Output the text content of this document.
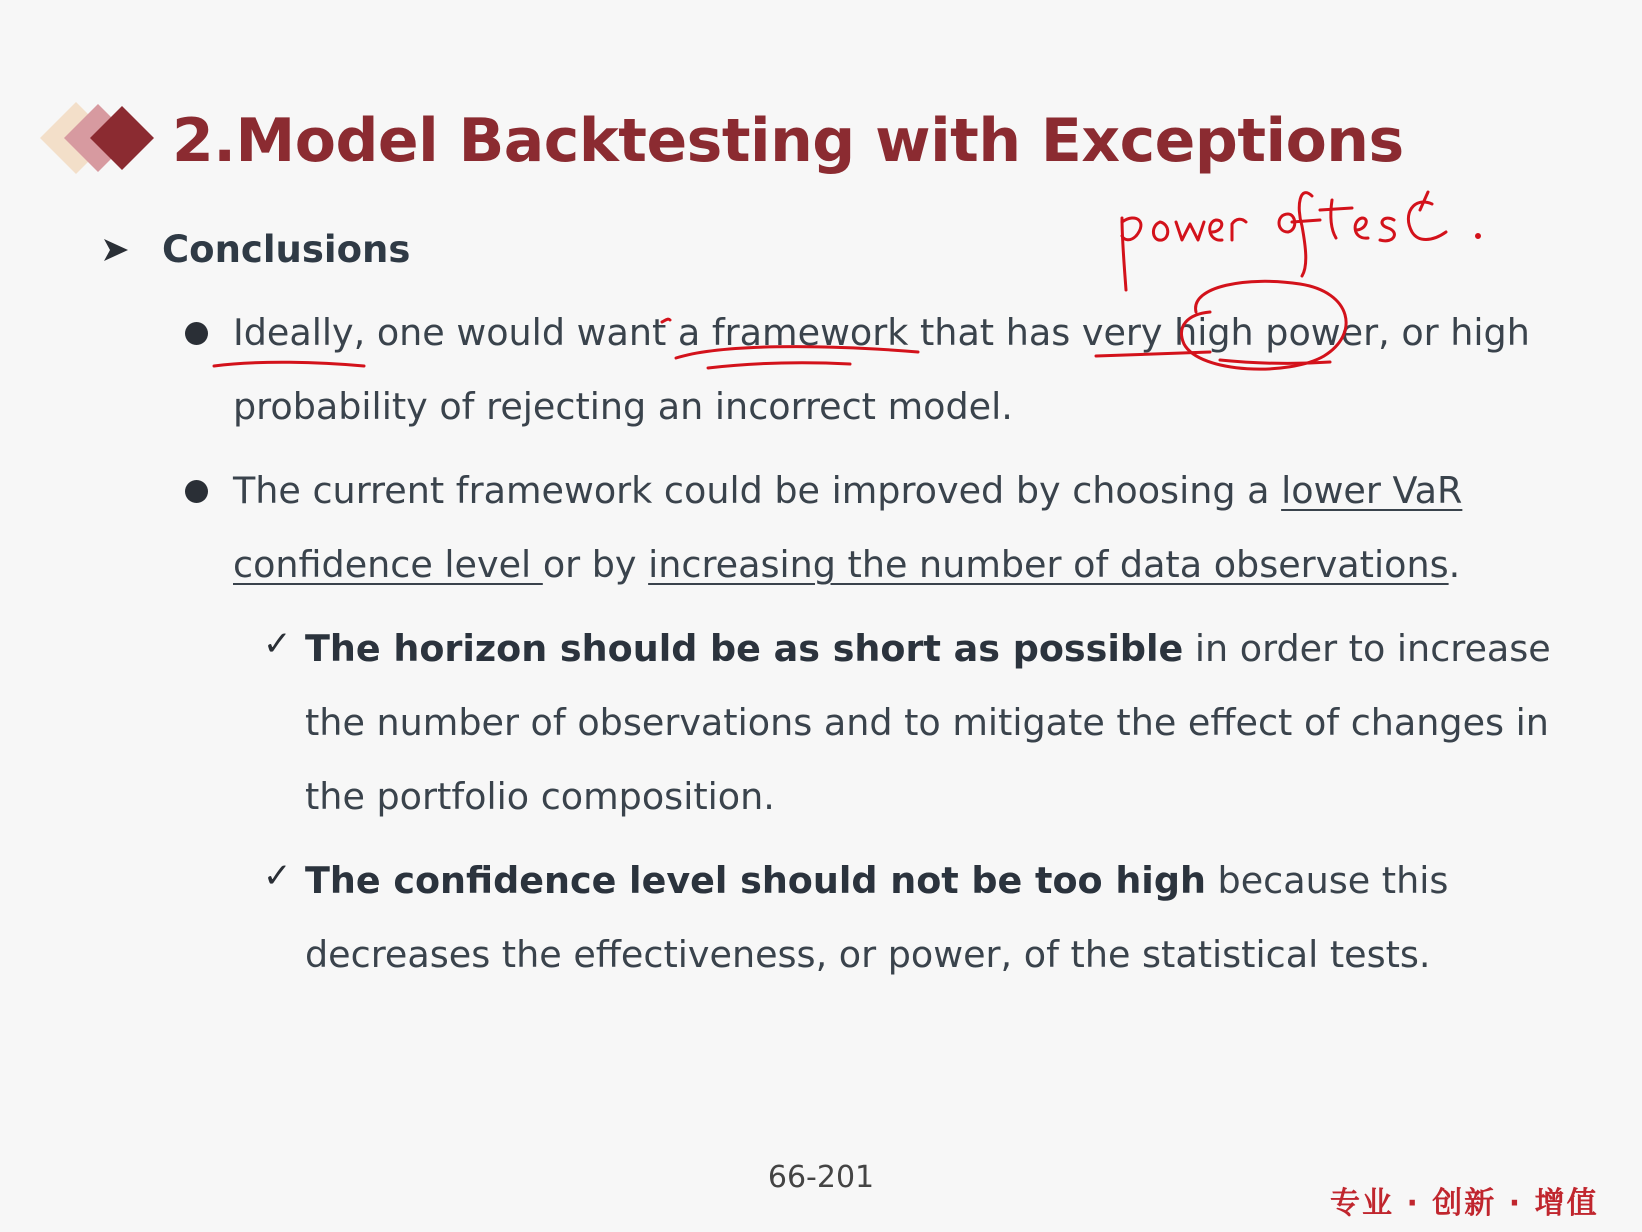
2.Model Backtesting with Exceptions
Conclusions
Ideally, one would want a framework that has very high power, or high
probability of rejecting an incorrect model.
The current framework could be improved by choosing a lower VaR
confidence level or by increasing the number of data observations.
✓ The horizon should be as short as possible in order to increase
the number of observations and to mitigate the effect of changes in
the portfolio composition.
✓ The confidence level should not be too high because this
decreases the effectiveness, or power, of the statistical tests.
66-201
专业 · 创新 · 增值
